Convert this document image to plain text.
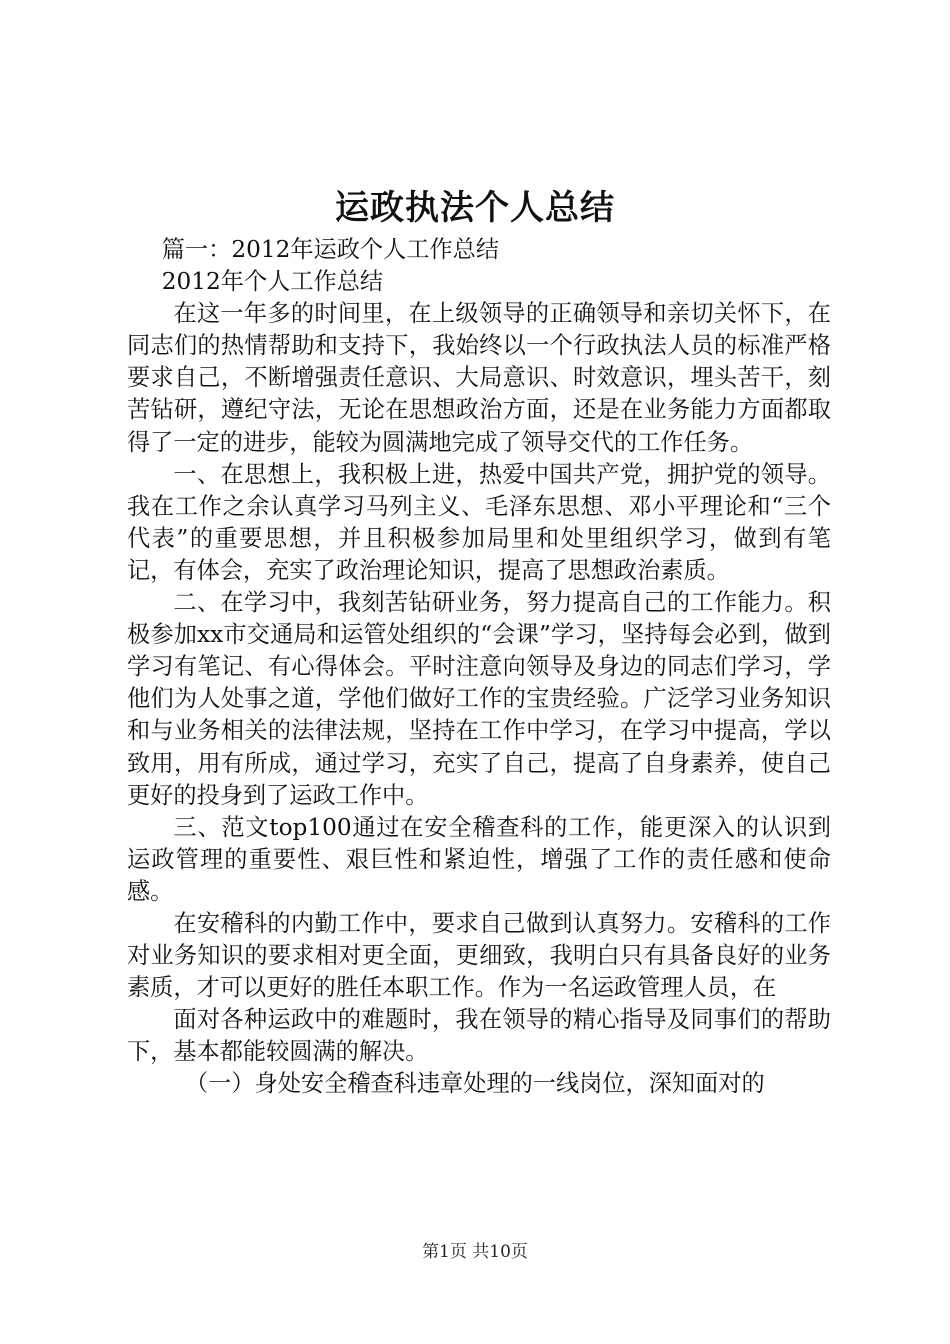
运政执法个人总结

篇一：2012年运政个人工作总结

2012年个人工作总结

在这一年多的时间里，在上级领导的正确领导和亲切关怀下，在同志们的热情帮助和支持下，我始终以一个行政执法人员的标准严格要求自己，不断增强责任意识、大局意识、时效意识，埋头苦干，刻苦钻研，遵纪守法，无论在思想政治方面，还是在业务能力方面都取得了一定的进步，能较为圆满地完成了领导交代的工作任务。

一、在思想上，我积极上进，热爱中国共产党，拥护党的领导。我在工作之余认真学习马列主义、毛泽东思想、邓小平理论和“三个代表”的重要思想，并且积极参加局里和处里组织学习，做到有笔记，有体会，充实了政治理论知识，提高了思想政治素质。

二、在学习中，我刻苦钻研业务，努力提高自己的工作能力。积极参加xx市交通局和运管处组织的“会课”学习，坚持每会必到，做到学习有笔记、有心得体会。平时注意向领导及身边的同志们学习，学他们为人处事之道，学他们做好工作的宝贵经验。广泛学习业务知识和与业务相关的法律法规，坚持在工作中学习，在学习中提高，学以致用，用有所成，通过学习，充实了自己，提高了自身素养，使自己更好的投身到了运政工作中。

三、范文top100通过在安全稽查科的工作，能更深入的认识到运政管理的重要性、艰巨性和紧迫性，增强了工作的责任感和使命感。

在安稽科的内勤工作中，要求自己做到认真努力。安稽科的工作对业务知识的要求相对更全面，更细致，我明白只有具备良好的业务素质，才可以更好的胜任本职工作。作为一名运政管理人员，在

面对各种运政中的难题时，我在领导的精心指导及同事们的帮助下，基本都能较圆满的解决。

（一）身处安全稽查科违章处理的一线岗位，深知面对的

第1页 共10页
